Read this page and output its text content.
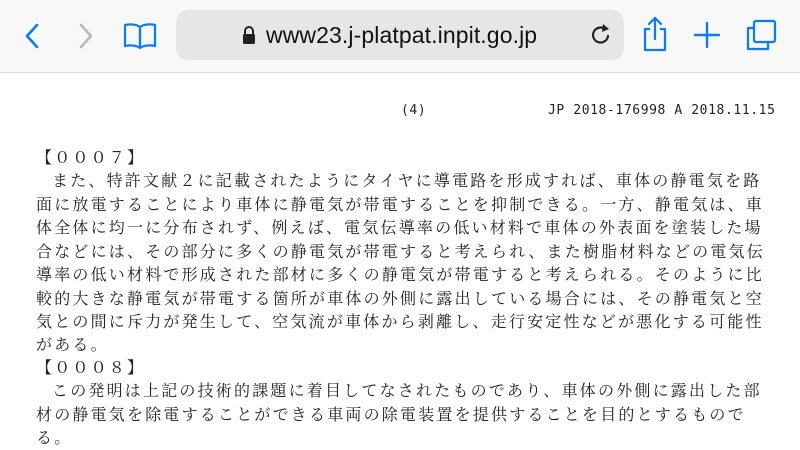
www23.j-platpat.inpit.go.jp
(4)	JP 2018-176998 A 2018.11.15
【０００７】
また、特許文献２に記載されたようにタイヤに導電路を形成すれば、車体の静電気を路
面に放電することにより車体に静電気が帯電することを抑制できる。一方、静電気は、車
体全体に均一に分布されず、例えば、電気伝導率の低い材料で車体の外表面を塗装した場
合などには、その部分に多くの静電気が帯電すると考えられ、また樹脂材料などの電気伝
導率の低い材料で形成された部材に多くの静電気が帯電すると考えられる。そのように比
較的大きな静電気が帯電する箇所が車体の外側に露出している場合には、その静電気と空
気との間に斥力が発生して、空気流が車体から剥離し、走行安定性などが悪化する可能性
がある。
【０００８】
この発明は上記の技術的課題に着目してなされたものであり、車体の外側に露出した部
材の静電気を除電することができる車両の除電装置を提供することを目的とするもので
る。
